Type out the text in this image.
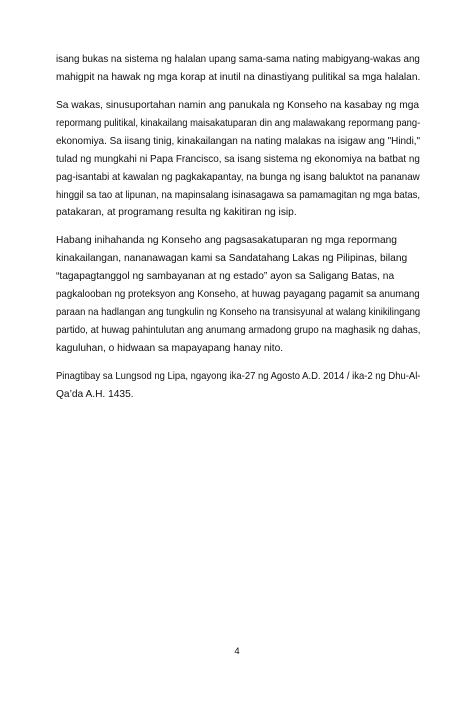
isang bukas na sistema ng halalan upang sama-sama nating mabigyang-wakas ang
mahigpit na hawak ng mga korap at inutil na dinastiyang pulitikal sa mga halalan.
Sa wakas, sinusuportahan namin ang panukala ng Konseho na kasabay ng mga
repormang pulitikal, kinakailang maisakatuparan din ang malawakang repormang pang-
ekonomiya. Sa iisang tinig, kinakailangan na nating malakas na isigaw ang "Hindi,"
tulad ng mungkahi ni Papa Francisco, sa isang sistema ng ekonomiya na batbat ng
pag-isantabi at kawalan ng pagkakapantay, na bunga ng isang baluktot na pananaw
hinggil sa tao at lipunan, na mapinsalang isinasagawa sa pamamagitan ng mga batas,
patakaran, at programang resulta ng kakitiran ng isip.
Habang inihahanda ng Konseho ang pagsasakatuparan ng mga repormang
kinakailangan, nananawagan kami sa Sandatahang Lakas ng Pilipinas, bilang
“tagapagtanggol ng sambayanan at ng estado” ayon sa Saligang Batas, na
pagkalooban ng proteksyon ang Konseho, at huwag payagang pagamit sa anumang
paraan na hadlangan ang tungkulin ng Konseho na transisyunal at walang kinikilingang
partido, at huwag pahintulutan ang anumang armadong grupo na maghasik ng dahas,
kaguluhan, o hidwaan sa mapayapang hanay nito.
Pinagtibay sa Lungsod ng Lipa, ngayong ika-27 ng Agosto A.D. 2014 / ika-2 ng Dhu-Al-
Qa’da A.H. 1435.
4
